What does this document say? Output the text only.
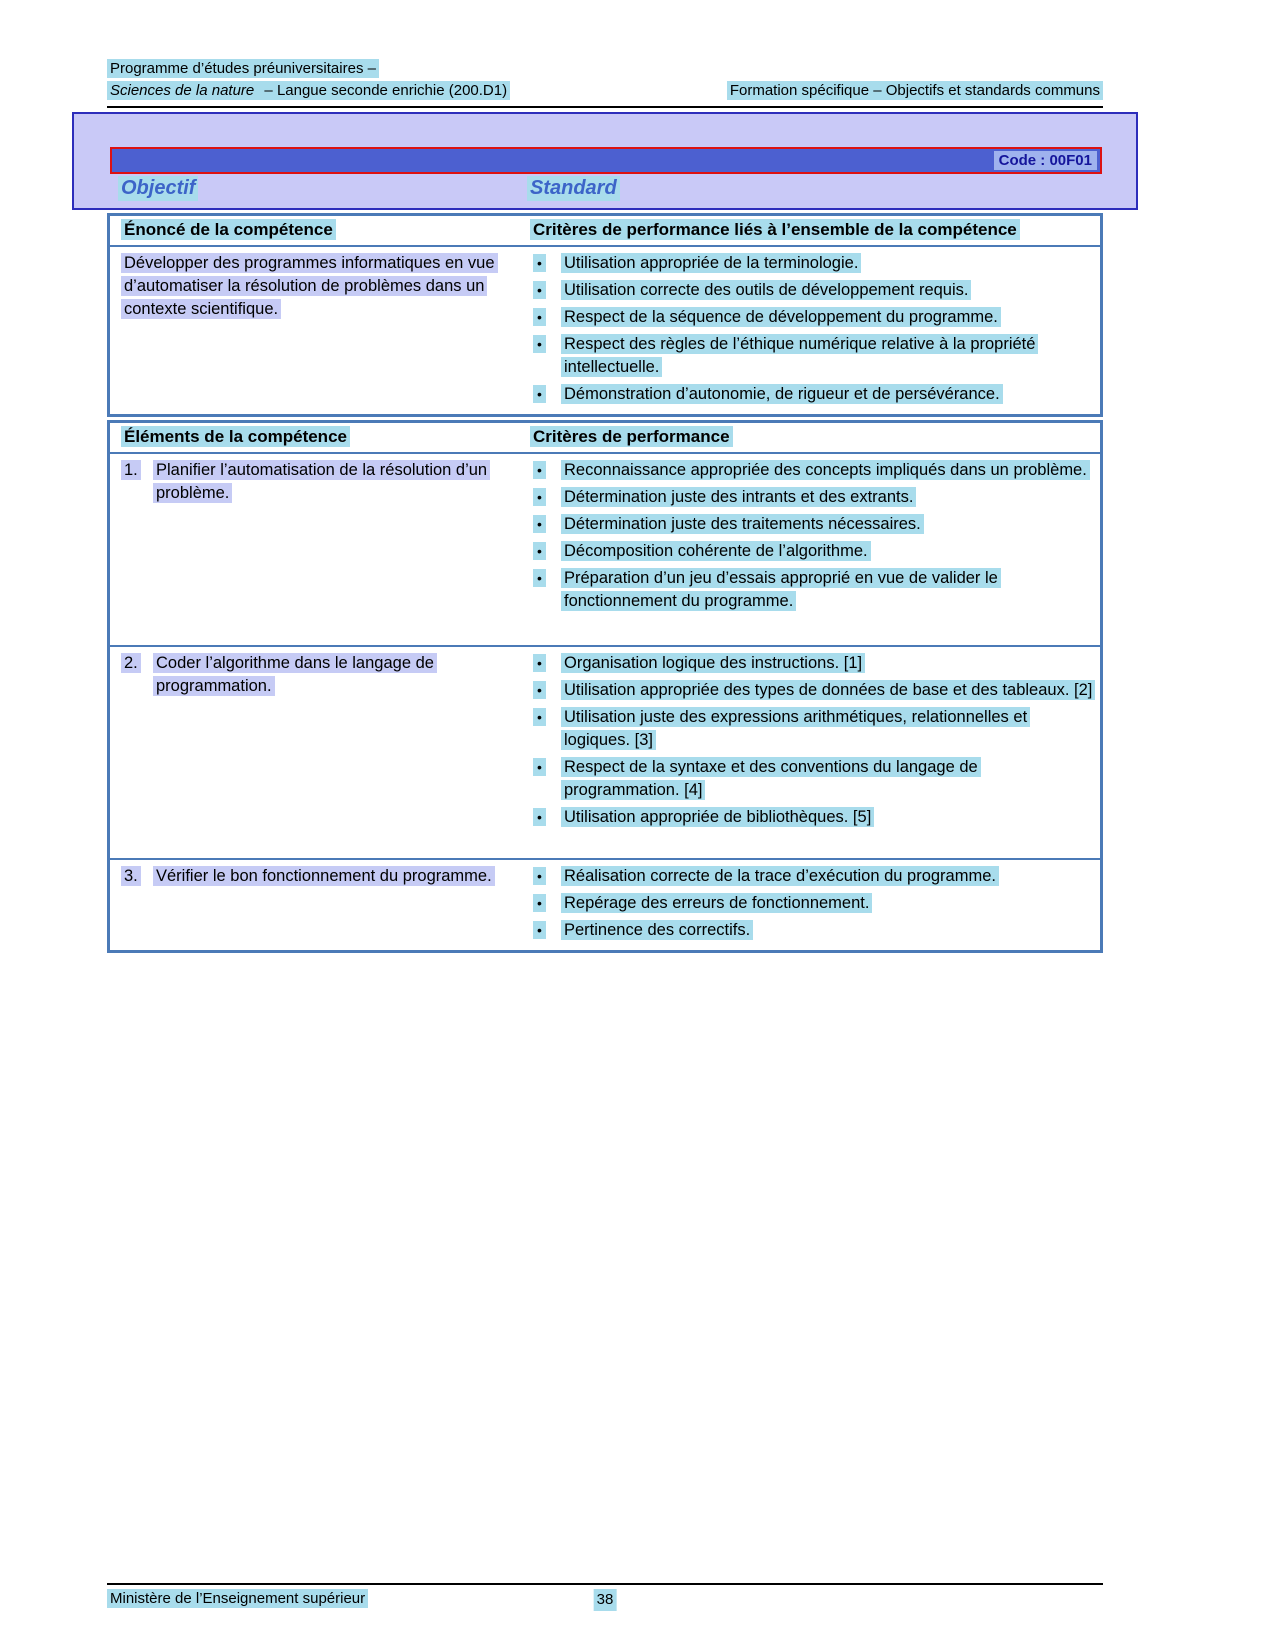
Programme d’études préuniversitaires –
Sciences de la nature – Langue seconde enrichie (200.D1)	Formation spécifique – Objectifs et standards communs
Code : 00F01
Objectif	Standard
Énoncé de la compétence	Critères de performance liés à l’ensemble de la compétence
Développer des programmes informatiques en vue d’automatiser la résolution de problèmes dans un contexte scientifique.
•	Utilisation appropriée de la terminologie.
•	Utilisation correcte des outils de développement requis.
•	Respect de la séquence de développement du programme.
•	Respect des règles de l’éthique numérique relative à la propriété intellectuelle.
•	Démonstration d’autonomie, de rigueur et de persévérance.
Éléments de la compétence	Critères de performance
1.	Planifier l’automatisation de la résolution d’un problème.
•	Reconnaissance appropriée des concepts impliqués dans un problème.
•	Détermination juste des intrants et des extrants.
•	Détermination juste des traitements nécessaires.
•	Décomposition cohérente de l’algorithme.
•	Préparation d’un jeu d’essais approprié en vue de valider le fonctionnement du programme.
2.	Coder l’algorithme dans le langage de programmation.
•	Organisation logique des instructions. [1]
•	Utilisation appropriée des types de données de base et des tableaux. [2]
•	Utilisation juste des expressions arithmétiques, relationnelles et logiques. [3]
•	Respect de la syntaxe et des conventions du langage de programmation. [4]
•	Utilisation appropriée de bibliothèques. [5]
3.	Vérifier le bon fonctionnement du programme.	•	Réalisation correcte de la trace d’exécution du programme.
•	Repérage des erreurs de fonctionnement.
•	Pertinence des correctifs.
Ministère de l’Enseignement supérieur	38
